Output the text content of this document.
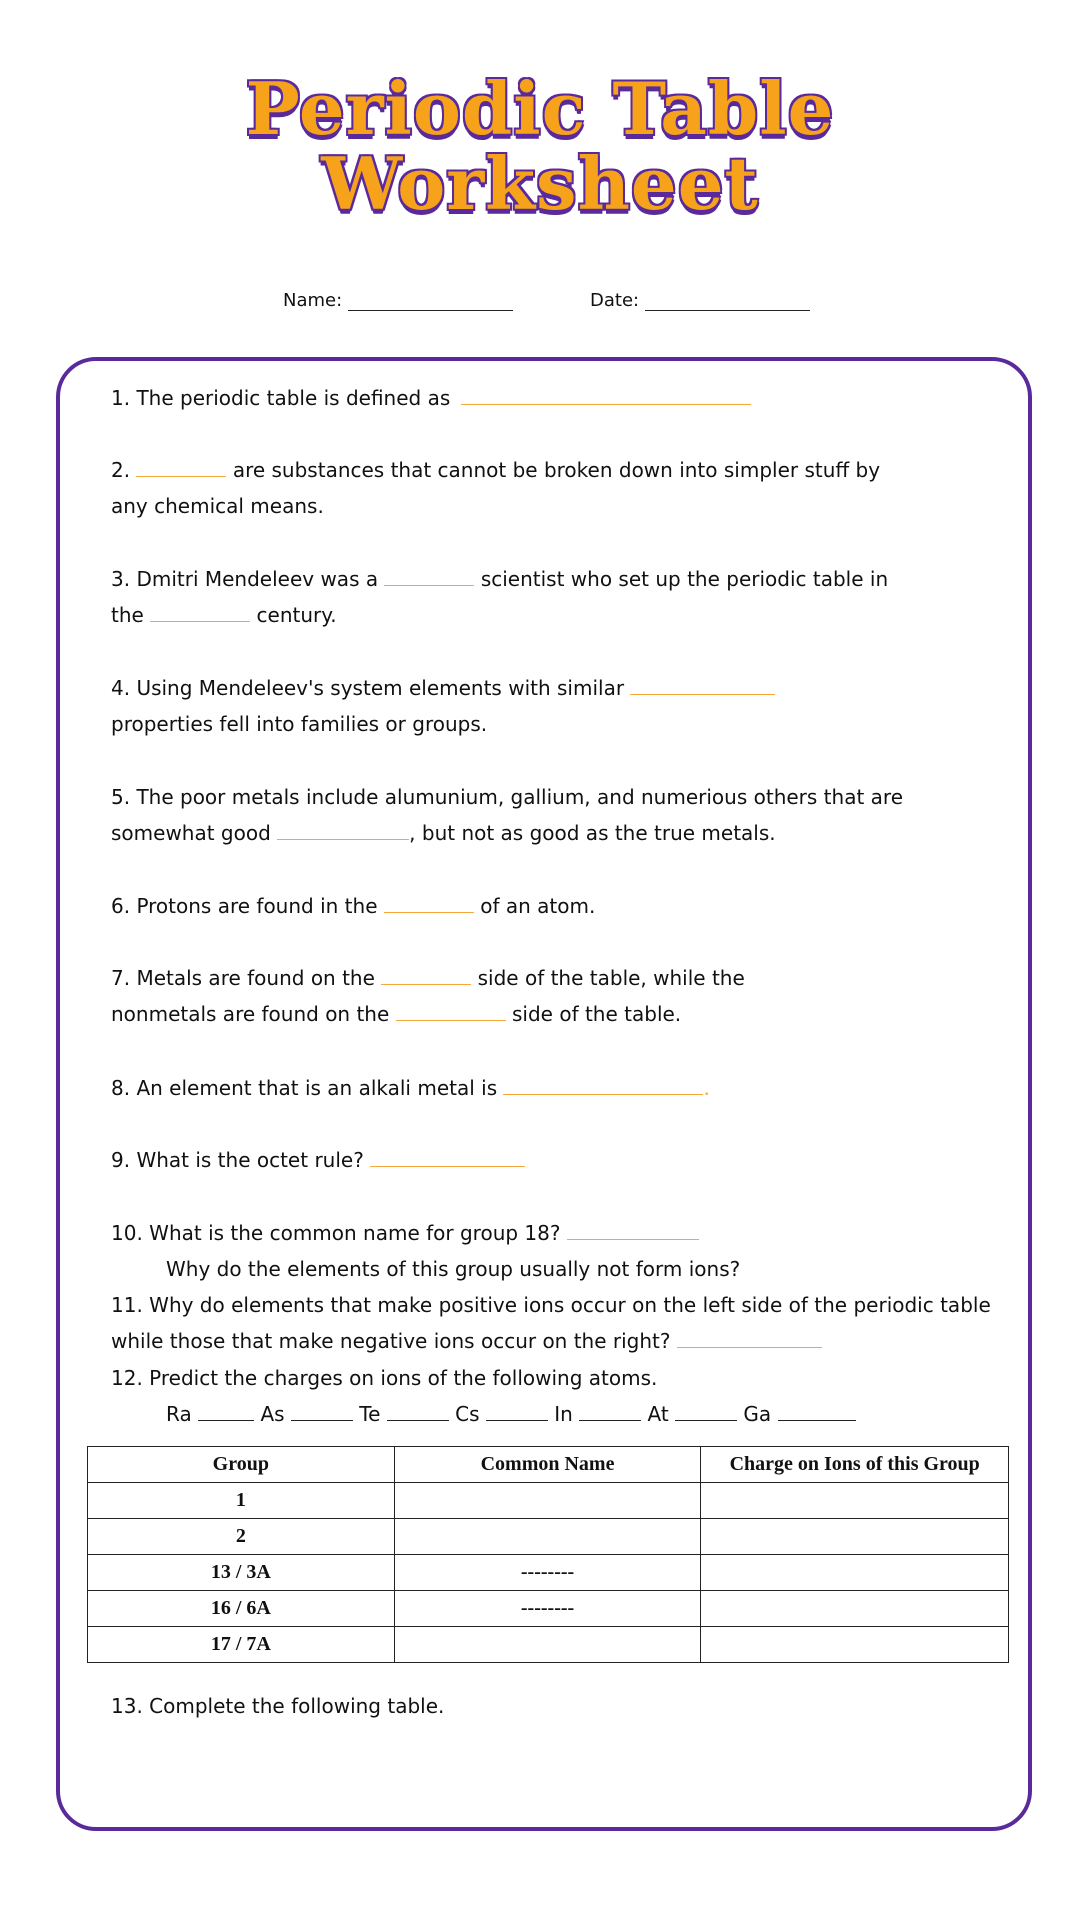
Periodic Table
Worksheet
Name:	Date:
1. The periodic table is defined as
2.	are substances that cannot be broken down into simpler stuff by
any chemical means.
3. Dmitri Mendeleev was a	scientist who set up the periodic table in
the	century.
4. Using Mendeleev's system elements with similar
properties fell into families or groups.
5. The poor metals include alumunium, gallium, and numerious others that are
somewhat good	, but not as good as the true metals.
6. Protons are found in the	of an atom.
7. Metals are found on the	side of the table, while the
nonmetals are found on the	side of the table.
8. An element that is an alkali metal is	.
9. What is the octet rule?
10. What is the common name for group 18?
Why do the elements of this group usually not form ions?
11. Why do elements that make positive ions occur on the left side of the periodic table
while those that make negative ions occur on the right?
12. Predict the charges on ions of the following atoms.
Ra	As	Te	Cs	In	At	Ga
Group	Common Name	Charge on Ions of this Group
1		
2		
13 / 3A	--------	
16 / 6A	--------	
17 / 7A		
13. Complete the following table.
